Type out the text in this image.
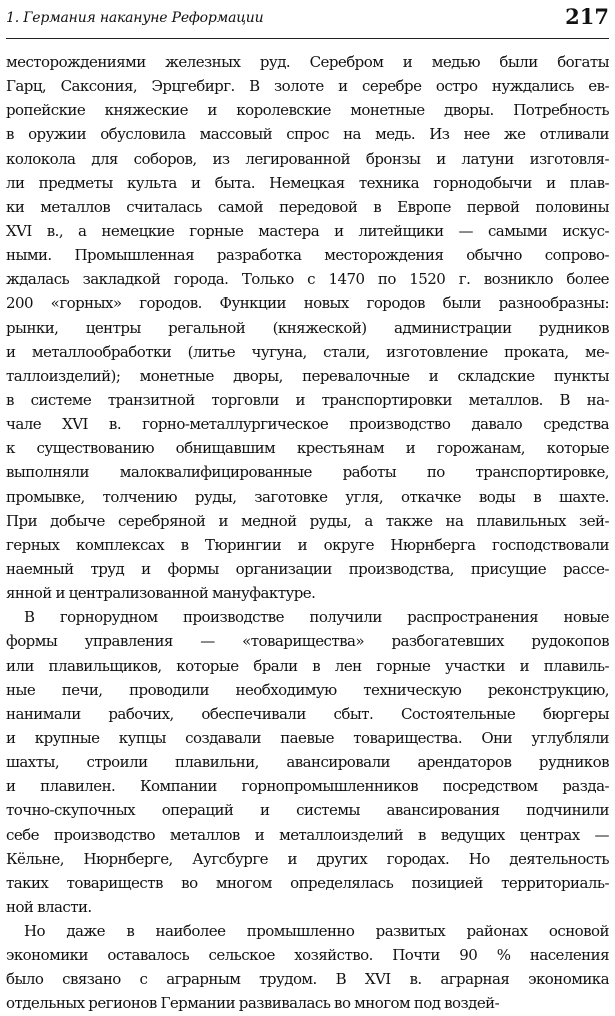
1. Германия накануне Реформации	217
месторождениями железных руд. Серебром и медью были богаты
Гарц, Саксония, Эрцгебирг. В золоте и серебре остро нуждались ев-
ропейские княжеские и королевские монетные дворы. Потребность
в оружии обусловила массовый спрос на медь. Из нее же отливали
колокола для соборов, из легированной бронзы и латуни изготовля-
ли предметы культа и быта. Немецкая техника горнодобычи и плав-
ки металлов считалась самой передовой в Европе первой половины
XVI в., а немецкие горные мастера и литейщики — самыми искус-
ными. Промышленная разработка месторождения обычно сопрово-
ждалась закладкой города. Только с 1470 по 1520 г. возникло более
200 «горных» городов. Функции новых городов были разнообразны:
рынки, центры регальной (княжеской) администрации рудников
и металлообработки (литье чугуна, стали, изготовление проката, ме-
таллоизделий); монетные дворы, перевалочные и складские пункты
в системе транзитной торговли и транспортировки металлов. В на-
чале XVI в. горно-металлургическое производство давало средства
к существованию обнищавшим крестьянам и горожанам, которые
выполняли малоквалифицированные работы по транспортировке,
промывке, толчению руды, заготовке угля, откачке воды в шахте.
При добыче серебряной и медной руды, а также на плавильных зей-
герных комплексах в Тюрингии и округе Нюрнберга господствовали
наемный труд и формы организации производства, присущие рассе-
янной и централизованной мануфактуре.
В горнорудном производстве получили распространения новые
формы управления — «товарищества» разбогатевших рудокопов
или плавильщиков, которые брали в лен горные участки и плавиль-
ные печи, проводили необходимую техническую реконструкцию,
нанимали рабочих, обеспечивали сбыт. Состоятельные бюргеры
и крупные купцы создавали паевые товарищества. Они углубляли
шахты, строили плавильни, авансировали арендаторов рудников
и плавилен. Компании горнопромышленников посредством разда-
точно-скупочных операций и системы авансирования подчинили
себе производство металлов и металлоизделий в ведущих центрах —
Кёльне, Нюрнберге, Аугсбурге и других городах. Но деятельность
таких товариществ во многом определялась позицией территориаль-
ной власти.
Но даже в наиболее промышленно развитых районах основой
экономики оставалось сельское хозяйство. Почти 90 % населения
было связано с аграрным трудом. В XVI в. аграрная экономика
отдельных регионов Германии развивалась во многом под воздей-
